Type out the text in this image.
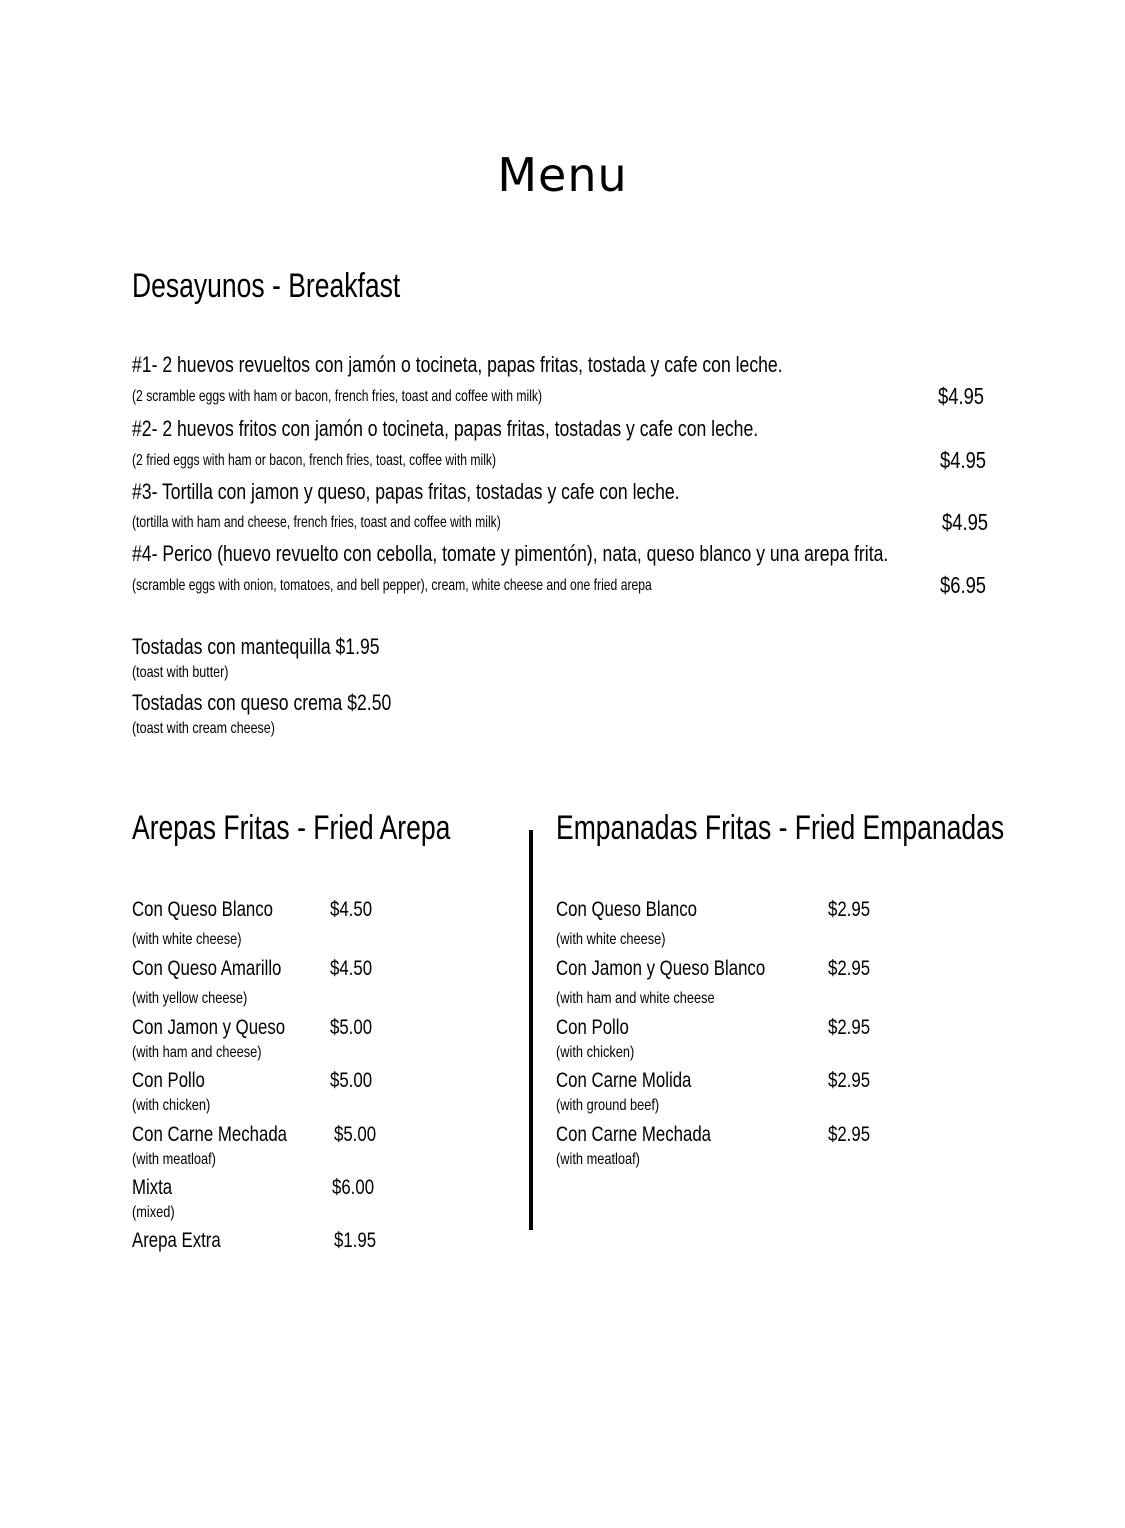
Menu
Desayunos - Breakfast
#1- 2 huevos revueltos con jamón o tocineta, papas fritas, tostada y cafe con leche.
(2 scramble eggs with ham or bacon, french fries, toast and coffee with milk)	$4.95
#2- 2 huevos fritos con jamón o tocineta, papas fritas, tostadas y cafe con leche.
(2 fried eggs with ham or bacon, french fries, toast, coffee with milk)	$4.95
#3- Tortilla con jamon y queso, papas fritas, tostadas y cafe con leche.
(tortilla with ham and cheese, french fries, toast and coffee with milk)	$4.95
#4- Perico (huevo revuelto con cebolla, tomate y pimentón), nata, queso blanco y una arepa frita.
(scramble eggs with onion, tomatoes, and bell pepper), cream, white cheese and one fried arepa	$6.95
Tostadas con mantequilla $1.95
(toast with butter)
Tostadas con queso crema $2.50
(toast with cream cheese)
Arepas Fritas - Fried Arepa
Con Queso Blanco	$4.50
(with white cheese)
Con Queso Amarillo $4.50
(with yellow cheese)
Con Jamon y Queso $5.00
(with ham and cheese)
Con Pollo	$5.00
(with chicken)
Con Carne Mechada $5.00
(with meatloaf)
Mixta	$6.00
(mixed)
Arepa Extra	$1.95
Empanadas Fritas - Fried Empanadas
Con Queso Blanco	$2.95
(with white cheese)
Con Jamon y Queso Blanco	$2.95
(with ham and white cheese
Con Pollo	$2.95
(with chicken)
Con Carne Molida	$2.95
(with ground beef)
Con Carne Mechada	$2.95
(with meatloaf)
